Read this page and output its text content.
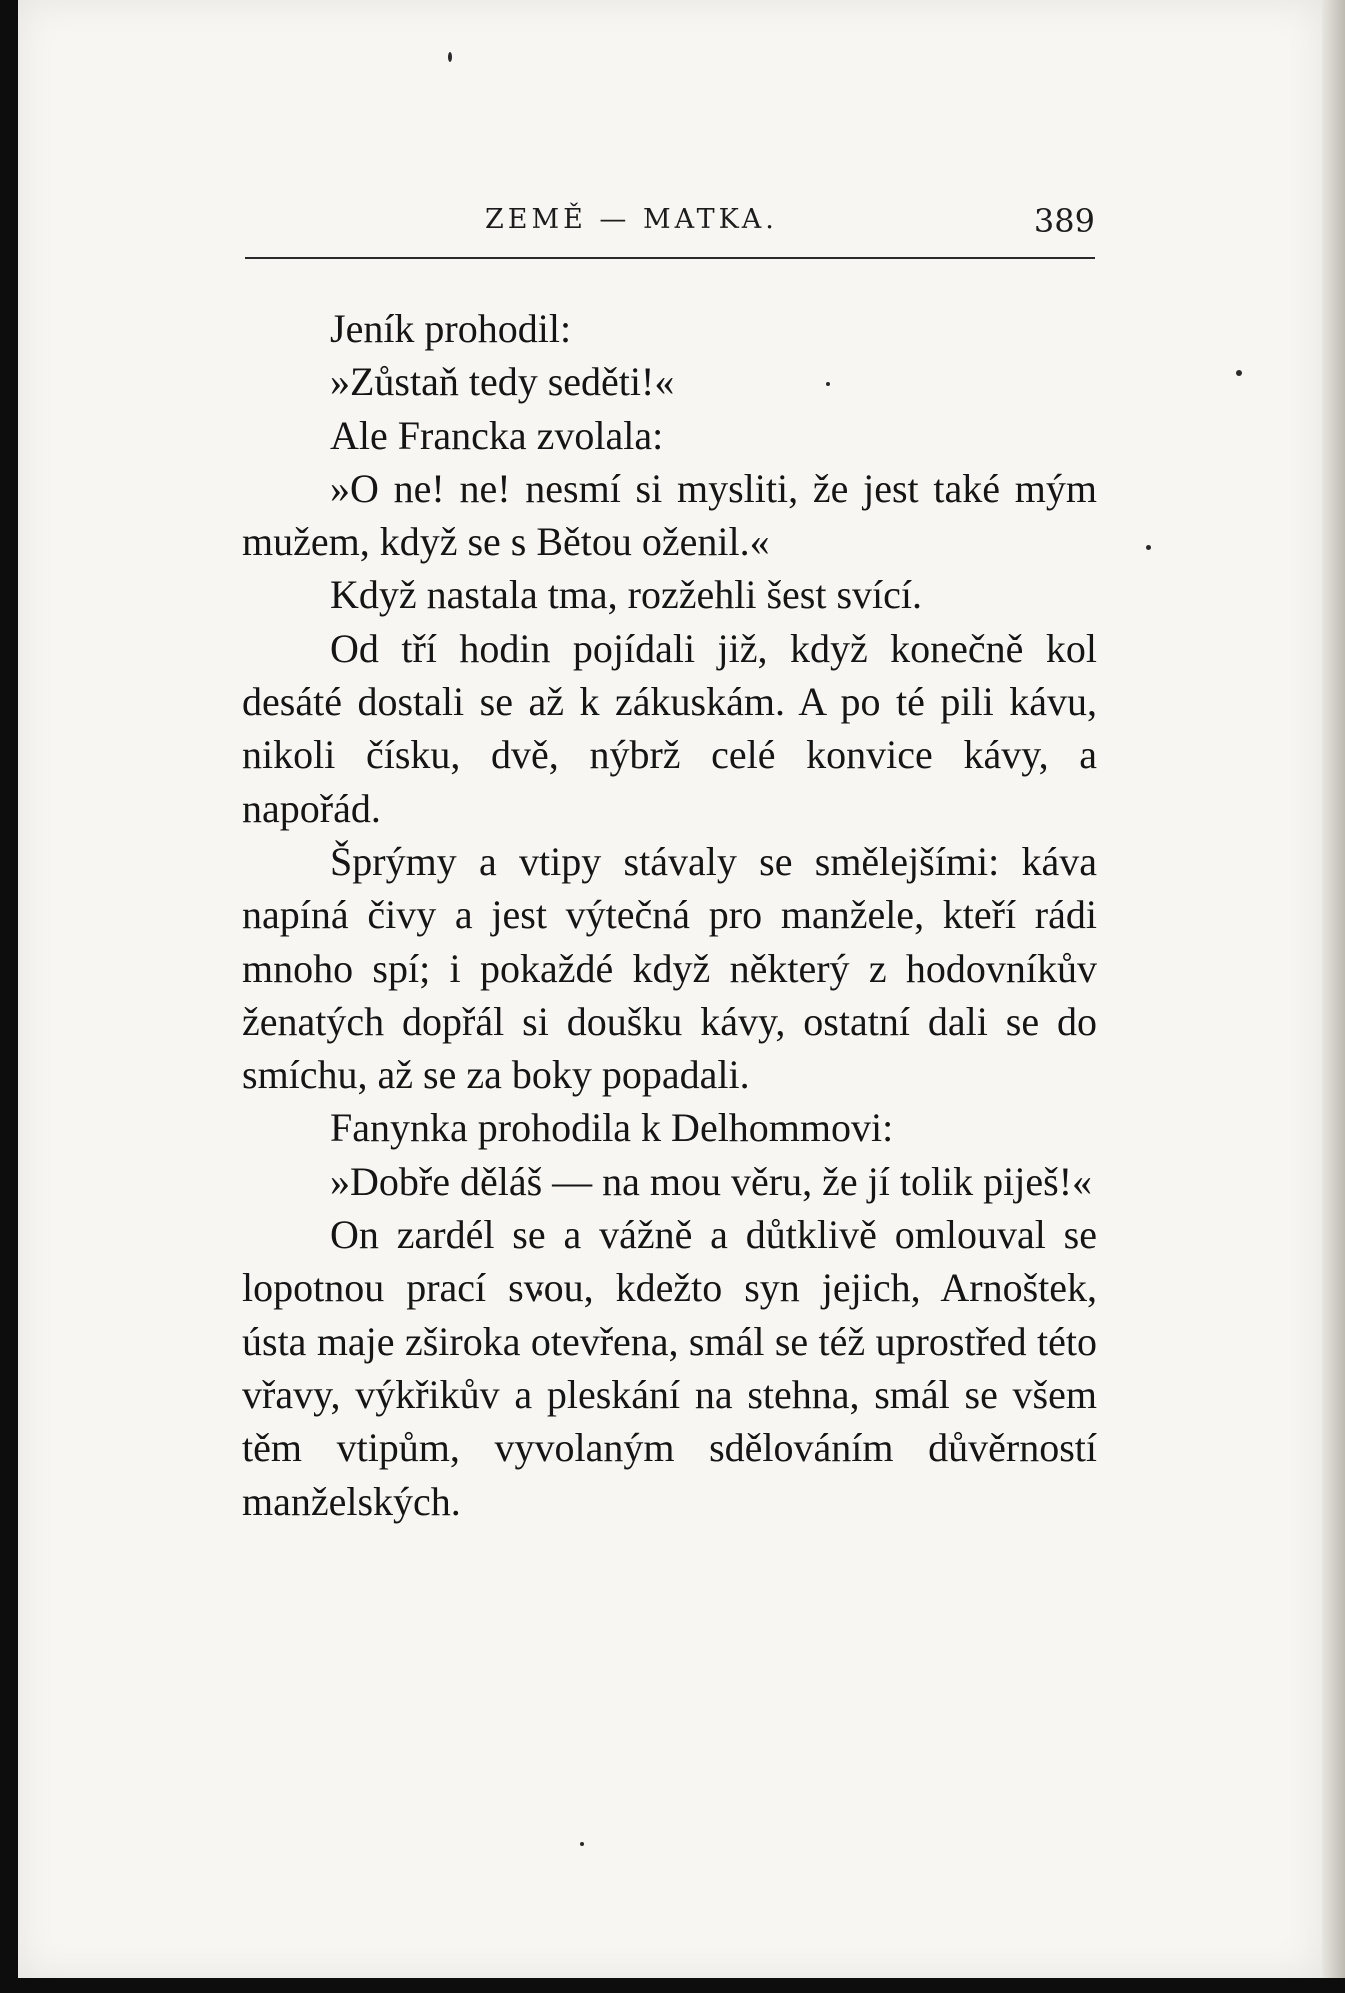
ZEMĚ — MATKA.	389

Jeník prohodil:

»Zůstaň tedy seděti!«

Ale Francka zvolala:

»O ne! ne! nesmí si mysliti, že jest také mým mužem, když se s Bětou oženil.«

Když nastala tma, rozžehli šest svící.

Od tří hodin pojídali již, když konečně kol desáté dostali se až k zákuskám. A po té pili kávu, nikoli čísku, dvě, nýbrž celé konvice kávy, a napořád.

Šprýmy a vtipy stávaly se smělejšími: káva napíná čivy a jest výtečná pro manžele, kteří rádi mnoho spí; i pokaždé když některý z hodovníkův ženatých dopřál si doušku kávy, ostatní dali se do smíchu, až se za boky popadali.

Fanynka prohodila k Delhommovi:

»Dobře děláš — na mou věru, že jí tolik piješ!«

On zardél se a vážně a důtklivě omlouval se lopotnou prací svou, kdežto syn jejich, Arnoštek, ústa maje zširoka otevřena, smál se též uprostřed této vřavy, výkřikův a pleskání na stehna, smál se všem těm vtipům, vyvolaným sdělováním důvěrností manželských.
